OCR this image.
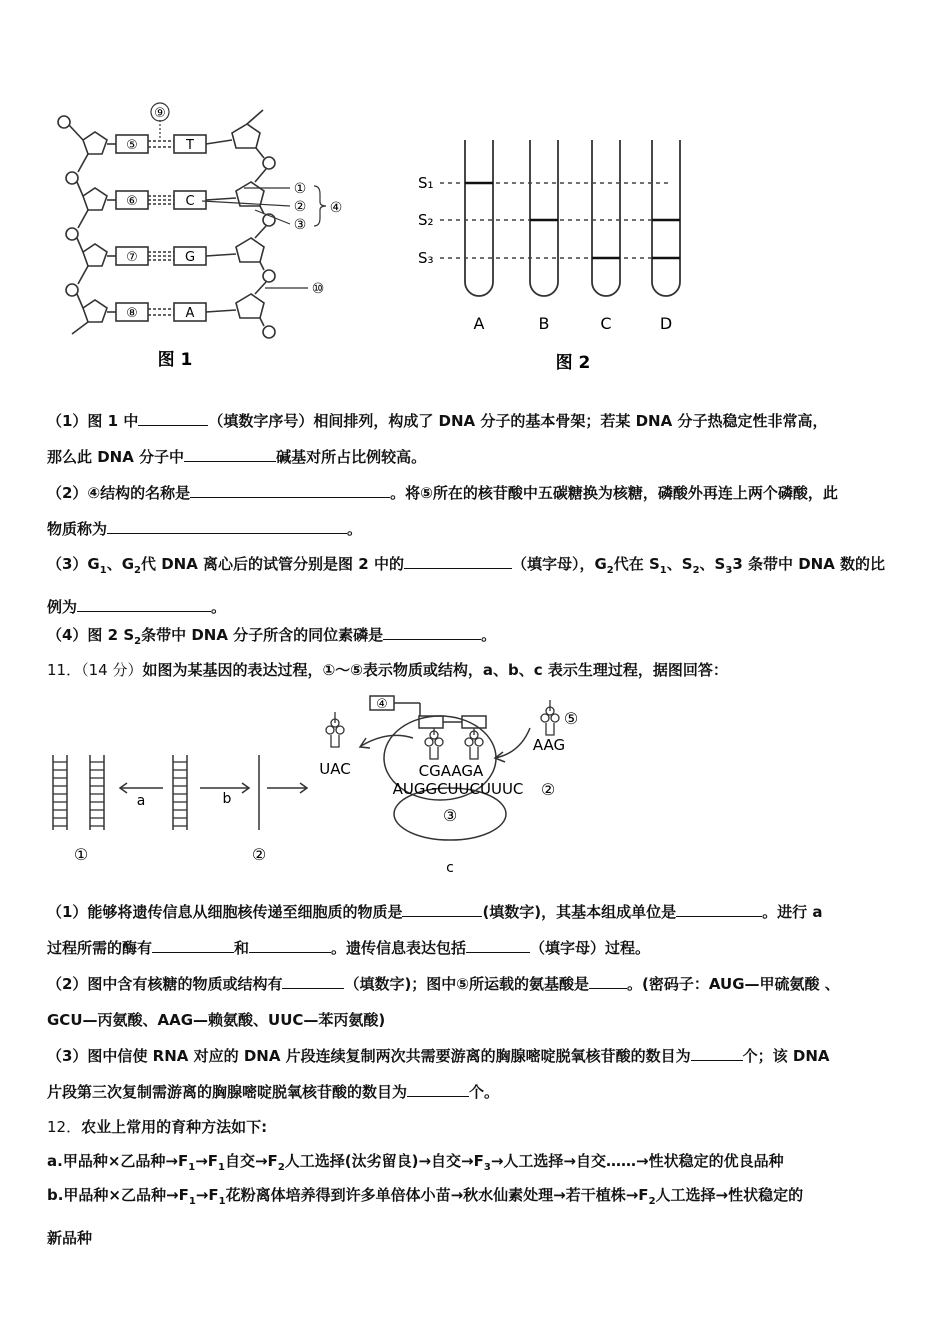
⑨
⑤
⑥
⑦
⑧
T
C
G
A
①
②
③
④
⑩
图 1
S₁
S₂
S₃
A	B	C	D
图 2
（1）图 1 中	（填数字序号）相间排列，构成了 DNA 分子的基本骨架；若某 DNA 分子热稳定性非常高，
那么此 DNA 分子中	碱基对所占比例较高。
（2）④结构的名称是	。将⑤所在的核苷酸中五碳糖换为核糖，磷酸外再连上两个磷酸，此
物质称为	。
$(3)G_1$、$G_2$代 DNA 离心后的试管分别是图 2 中的	（填字母），$G_2$代在 $S_1$、$S_2$、$S_33$ 条带中 DNA 数的比
例为	。
（4）图 2 $S_2$条带中 DNA 分子所含的同位素磷是	。
11．（14 分）如图为某基因的表达过程，①～⑤表示物质或结构，a、b、c 表示生理过程，据图回答：
a	b
c
①	②
②
③
④
⑤
UAC
AAG
CGAAGA
AUGGCUUCUUUC
（1）能够将遗传信息从细胞核传递至细胞质的物质是	(填数字)，其基本组成单位是	。进行 a
过程所需的酶有	和	。遗传信息表达包括	（填字母）过程。
（2）图中含有核糖的物质或结构有	（填数字)；图中⑤所运载的氨基酸是	。(密码子：AUG—甲硫氨酸 、
GCU—丙氨酸、AAG—赖氨酸、UUC—苯丙氨酸)
（3）图中信使 RNA 对应的 DNA 片段连续复制两次共需要游离的胸腺嘧啶脱氧核苷酸的数目为	个；该 DNA
片段第三次复制需游离的胸腺嘧啶脱氧核苷酸的数目为	个。
12．农业上常用的育种方法如下:
a.甲品种×乙品种$\to F_1\to F_1$自交$\to F_2$人工选择(汰劣留良)→自交$\to F_3\to$人工选择→自交……→性状稳定的优良品种
b.甲品种×乙品种$\to F_1\to F_1$花粉离体培养得到许多单倍体小苗→秋水仙素处理→若干植株$\to F_2$人工选择→性状稳定的
新品种
